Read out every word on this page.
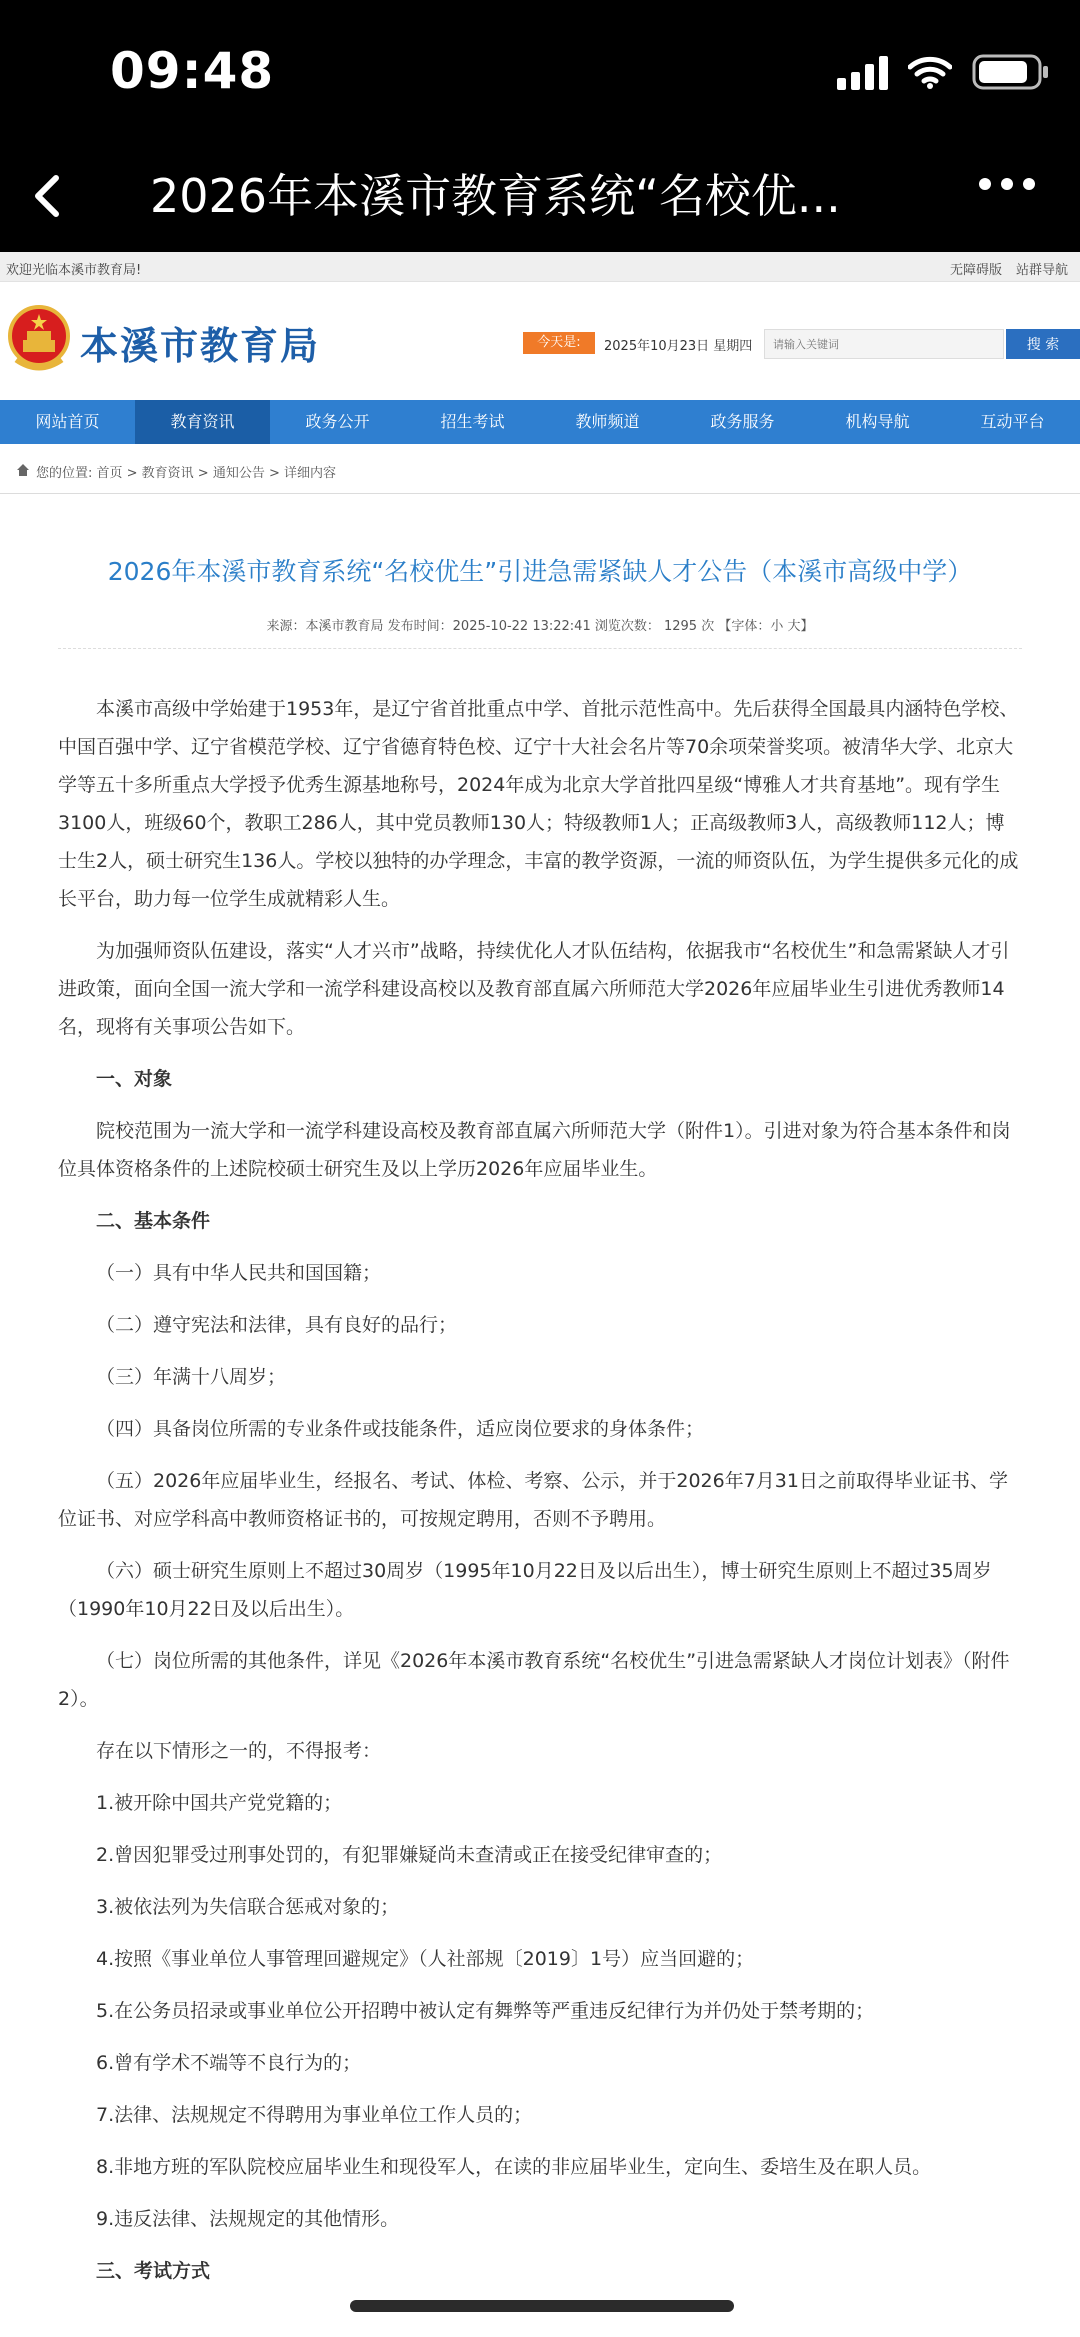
09:48
2026年本溪市教育系统“名校优...
欢迎光临本溪市教育局!	无障碍版 站群导航
本溪市教育局	今天是:	2025年10月23日 星期四
请输入关键词	搜 索
网站首页	教育资讯	政务公开	招生考试	教师频道	政务服务	机构导航	互动平台
您的位置: 首页 > 教育资讯 > 通知公告 > 详细内容
2026年本溪市教育系统“名校优生”引进急需紧缺人才公告（本溪市高级中学）
来源：本溪市教育局 发布时间：2025-10-22 13:22:41 浏览次数： 1295 次 【字体：小 大】

本溪市高级中学始建于1953年，是辽宁省首批重点中学、首批示范性高中。先后获得全国最具内涵特色学校、中国百强中学、辽宁省模范学校、辽宁省德育特色校、辽宁十大社会名片等70余项荣誉奖项。被清华大学、北京大学等五十多所重点大学授予优秀生源基地称号，2024年成为北京大学首批四星级“博雅人才共育基地”。现有学生3100人，班级60个，教职工286人，其中党员教师130人；特级教师1人；正高级教师3人，高级教师112人；博士生2人，硕士研究生136人。学校以独特的办学理念，丰富的教学资源，一流的师资队伍，为学生提供多元化的成长平台，助力每一位学生成就精彩人生。

为加强师资队伍建设，落实“人才兴市”战略，持续优化人才队伍结构，依据我市“名校优生”和急需紧缺人才引进政策，面向全国一流大学和一流学科建设高校以及教育部直属六所师范大学2026年应届毕业生引进优秀教师14名，现将有关事项公告如下。

一、对象

院校范围为一流大学和一流学科建设高校及教育部直属六所师范大学（附件1）。引进对象为符合基本条件和岗位具体资格条件的上述院校硕士研究生及以上学历2026年应届毕业生。

二、基本条件

（一）具有中华人民共和国国籍；

（二）遵守宪法和法律，具有良好的品行；

（三）年满十八周岁；

（四）具备岗位所需的专业条件或技能条件，适应岗位要求的身体条件；

（五）2026年应届毕业生，经报名、考试、体检、考察、公示，并于2026年7月31日之前取得毕业证书、学位证书、对应学科高中教师资格证书的，可按规定聘用，否则不予聘用。

（六）硕士研究生原则上不超过30周岁（1995年10月22日及以后出生），博士研究生原则上不超过35周岁（1990年10月22日及以后出生）。

（七）岗位所需的其他条件，详见《2026年本溪市教育系统“名校优生”引进急需紧缺人才岗位计划表》（附件2）。

存在以下情形之一的，不得报考：

1.被开除中国共产党党籍的；

2.曾因犯罪受过刑事处罚的，有犯罪嫌疑尚未查清或正在接受纪律审查的；

3.被依法列为失信联合惩戒对象的；

4.按照《事业单位人事管理回避规定》（人社部规〔2019〕1号）应当回避的；

5.在公务员招录或事业单位公开招聘中被认定有舞弊等严重违反纪律行为并仍处于禁考期的；

6.曾有学术不端等不良行为的；

7.法律、法规规定不得聘用为事业单位工作人员的；

8.非地方班的军队院校应届毕业生和现役军人，在读的非应届毕业生，定向生、委培生及在职人员。

9.违反法律、法规规定的其他情形。

三、考试方式
